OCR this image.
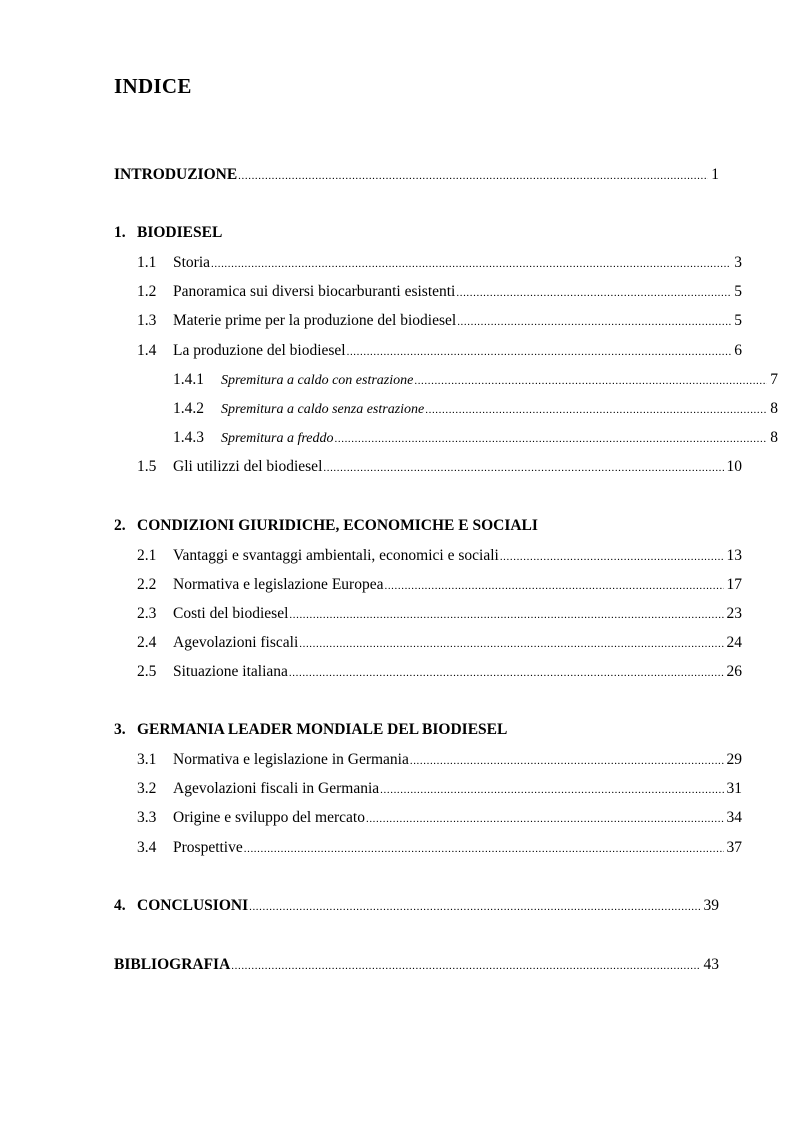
INDICE
INTRODUZIONE .....	1
1. BIODIESEL
1.1	Storia .....	3
1.2	Panoramica sui diversi biocarburanti esistenti .....	5
1.3	Materie prime per la produzione del biodiesel .....	5
1.4	La produzione del biodiesel .....	6
1.4.1	Spremitura a caldo con estrazione .....	7
1.4.2	Spremitura a caldo senza estrazione .....	8
1.4.3	Spremitura a freddo .....	8
1.5	Gli utilizzi del biodiesel .....	10
2. CONDIZIONI GIURIDICHE, ECONOMICHE E SOCIALI
2.1	Vantaggi e svantaggi ambientali, economici e sociali .....	13
2.2	Normativa e legislazione Europea .....	17
2.3	Costi del biodiesel .....	23
2.4	Agevolazioni fiscali .....	24
2.5	Situazione italiana .....	26
3. GERMANIA LEADER MONDIALE DEL BIODIESEL
3.1	Normativa e legislazione in Germania .....	29
3.2	Agevolazioni fiscali in Germania .....	31
3.3	Origine e sviluppo del mercato .....	34
3.4	Prospettive .....	37
4. CONCLUSIONI .....	39
BIBLIOGRAFIA .....	43
